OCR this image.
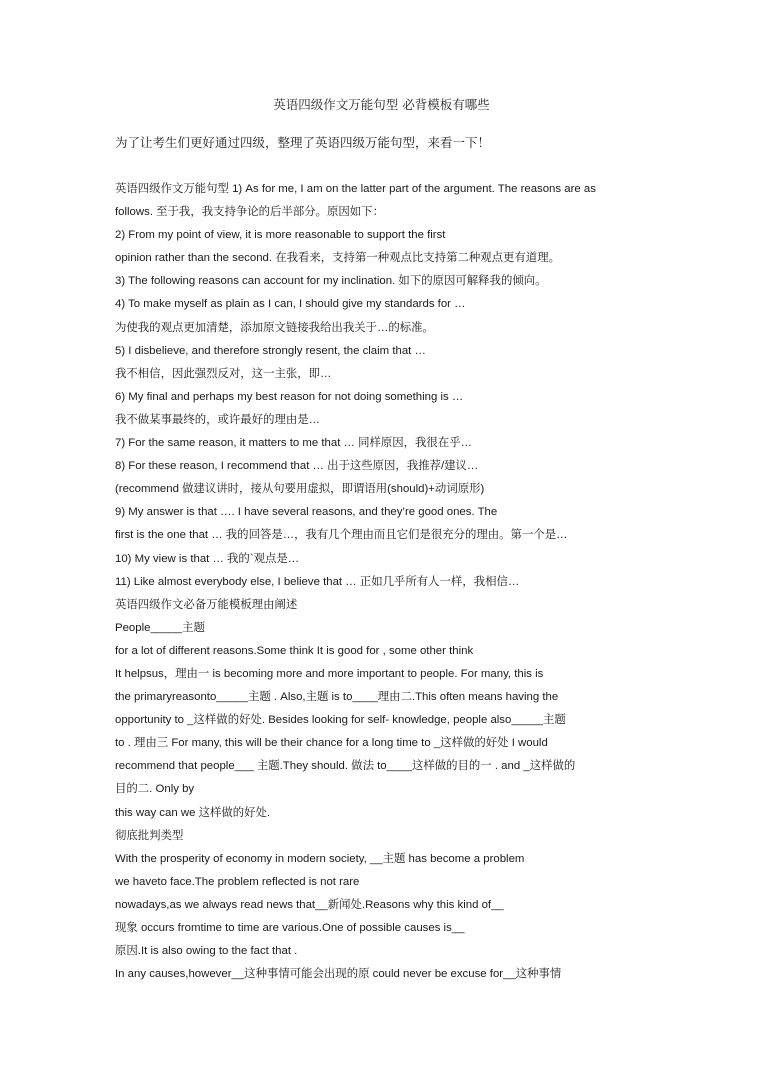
英语四级作文万能句型 必背模板有哪些
为了让考生们更好通过四级，整理了英语四级万能句型，来看一下！
英语四级作文万能句型 1) As for me, I am on the latter part of the argument. The reasons are as
follows. 至于我，我支持争论的后半部分。原因如下：
2) From my point of view, it is more reasonable to support the first
opinion rather than the second. 在我看来，支持第一种观点比支持第二种观点更有道理。
3) The following reasons can account for my inclination. 如下的原因可解释我的倾向。
4) To make myself as plain as I can, I should give my standards for …
为使我的观点更加清楚，添加原文链接我给出我关于…的标准。
5) I disbelieve, and therefore strongly resent, the claim that …
我不相信，因此强烈反对，这一主张，即…
6) My final and perhaps my best reason for not doing something is …
我不做某事最终的，或许最好的理由是…
7) For the same reason, it matters to me that … 同样原因，我很在乎…
8) For these reason, I recommend that … 出于这些原因，我推荐/建议…
(recommend 做建议讲时，接从句要用虚拟，即谓语用(should)+动词原形)
9) My answer is that …. I have several reasons, and they’re good ones. The
first is the one that … 我的回答是…，我有几个理由而且它们是很充分的理由。第一个是…
10) My view is that … 我的`观点是…
11) Like almost everybody else, I believe that … 正如几乎所有人一样，我相信…
英语四级作文必备万能模板理由阐述
People_____主题
for a lot of different reasons.Some think It is good for , some other think
It helpsus，理由一 is becoming more and more important to people. For many, this is
the primaryreasonto_____主题 . Also,主题 is to____理由二.This often means having the
opportunity to _这样做的好处. Besides looking for self- knowledge, people also_____主题
to . 理由三 For many, this will be their chance for a long time to _这样做的好处 I would
recommend that people___ 主题.They should. 做法 to____这样做的目的一 . and _这样做的
目的二. Only by
this way can we 这样做的好处.
彻底批判类型
With the prosperity of economy in modern society, __主题 has become a problem
we haveto face.The problem reflected is not rare
nowadays,as we always read news that__新闻处.Reasons why this kind of__
现象 occurs fromtime to time are various.One of possible causes is__
原因.It is also owing to the fact that .
In any causes,however__这种事情可能会出现的原 could never be excuse for__这种事情
